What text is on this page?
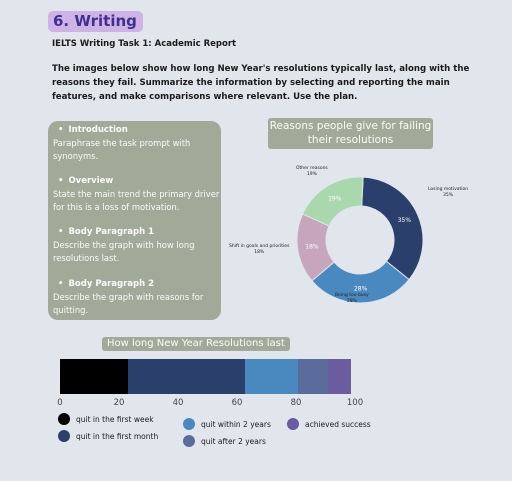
6. Writing
IELTS Writing Task 1: Academic Report
The images below show how long New Year's resolutions typically last, along with the reasons they fail. Summarize the information by selecting and reporting the main features, and make comparisons where relevant. Use the plan.
• Introduction
Paraphrase the task prompt with synonyms.
• Overview
State the main trend the primary driver for this is a loss of motivation.
• Body Paragraph 1
Describe the graph with how long resolutions last.
• Body Paragraph 2
Describe the graph with reasons for quitting.
Reasons people give for failing their resolutions
35%
28%
18%
19%
Losing motivation
35%
Being too busy
28%
Shift in goals and priorities
18%
Other reasons
19%
How long New Year Resolutions last
0	20	40	60	80	100
quit in the first week
quit in the first month
quit within 2 years
quit after 2 years
achieved success
